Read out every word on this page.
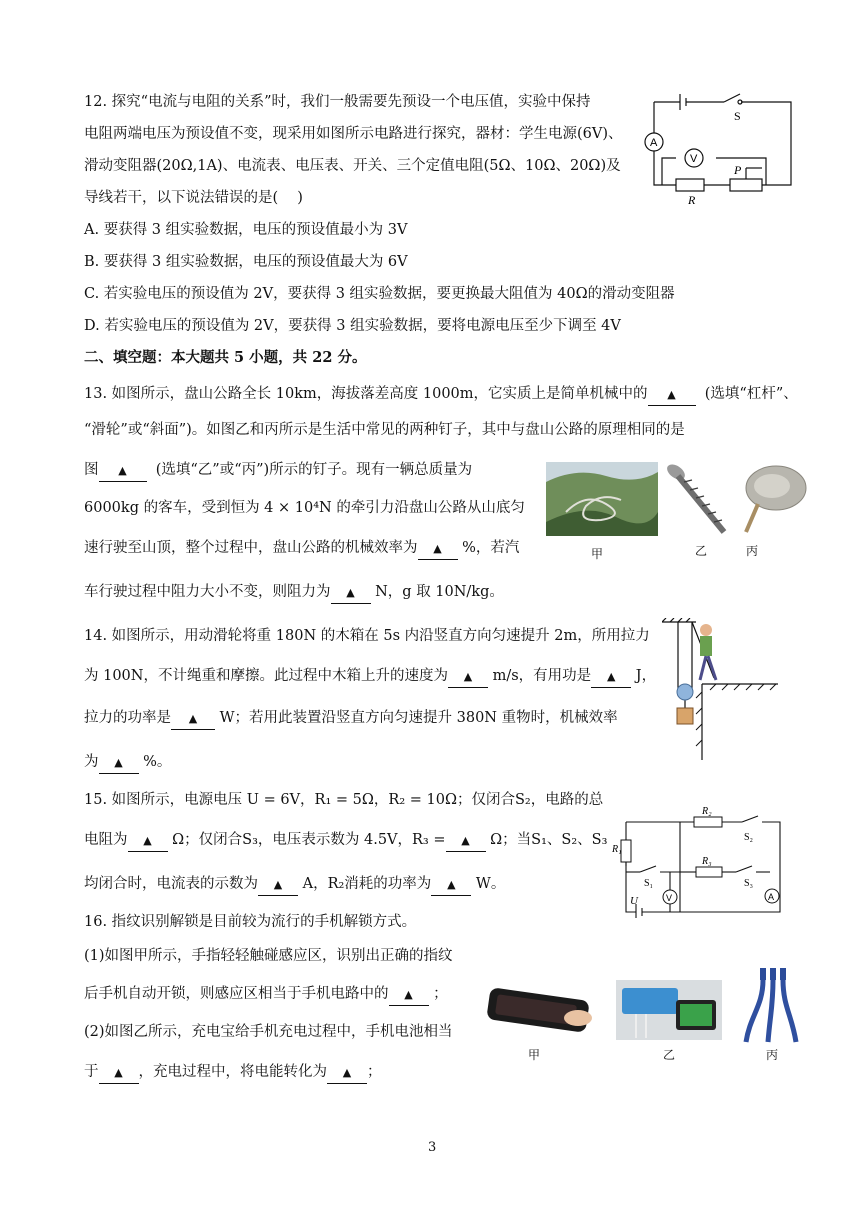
12. 探究“电流与电阻的关系”时，我们一般需要先预设一个电压值，实验中保持
电阻两端电压为预设值不变，现采用如图所示电路进行探究，器材：学生电源(6V)、
滑动变阻器(20Ω,1A)、电流表、电压表、开关、三个定值电阻(5Ω、10Ω、20Ω)及
导线若干，以下说法错误的是(　 )
A. 要获得 3 组实验数据，电压的预设值最小为 3V
B. 要获得 3 组实验数据，电压的预设值最大为 6V
C. 若实验电压的预设值为 2V，要获得 3 组实验数据，要更换最大阻值为 40Ω的滑动变阻器
D. 若实验电压的预设值为 2V，要获得 3 组实验数据，要将电源电压至少下调至 4V
A
V
S
P
R
二、填空题：本大题共 5 小题，共 22 分。
13. 如图所示，盘山公路全长 10km，海拔落差高度 1000m，它实质上是简单机械中的 ▲ (选填“杠杆”、
“滑轮”或“斜面”)。如图乙和丙所示是生活中常见的两种钉子，其中与盘山公路的原理相同的是
图 ▲ (选填“乙”或“丙”)所示的钉子。现有一辆总质量为
6000kg 的客车，受到恒为 4 × 10⁴N 的牵引力沿盘山公路从山底匀
速行驶至山顶，整个过程中，盘山公路的机械效率为 ▲ %，若汽
车行驶过程中阻力大小不变，则阻力为 ▲ N，g 取 10N/kg。
甲	乙	丙
14. 如图所示，用动滑轮将重 180N 的木箱在 5s 内沿竖直方向匀速提升 2m，所用拉力
为 100N，不计绳重和摩擦。此过程中木箱上升的速度为 ▲ m/s，有用功是 ▲ J，
拉力的功率是 ▲ W；若用此装置沿竖直方向匀速提升 380N 重物时，机械效率
为 ▲ %。
15. 如图所示，电源电压 U = 6V，R₁ = 5Ω，R₂ = 10Ω；仅闭合S₂，电路的总
电阻为 ▲ Ω；仅闭合S₃，电压表示数为 4.5V，R₃ = ▲ Ω；当S₁、S₂、S₃
均闭合时，电流表的示数为 ▲ A，R₂消耗的功率为 ▲ W。
R₂
R₁
R₃
S₁
S₂
S₃
U	V	A
16. 指纹识别解锁是目前较为流行的手机解锁方式。
(1)如图甲所示，手指轻轻触碰感应区，识别出正确的指纹
后手机自动开锁，则感应区相当于手机电路中的 ▲ ；
(2)如图乙所示，充电宝给手机充电过程中，手机电池相当
于 ▲ ，充电过程中，将电能转化为 ▲ ；
甲	乙	丙
3
